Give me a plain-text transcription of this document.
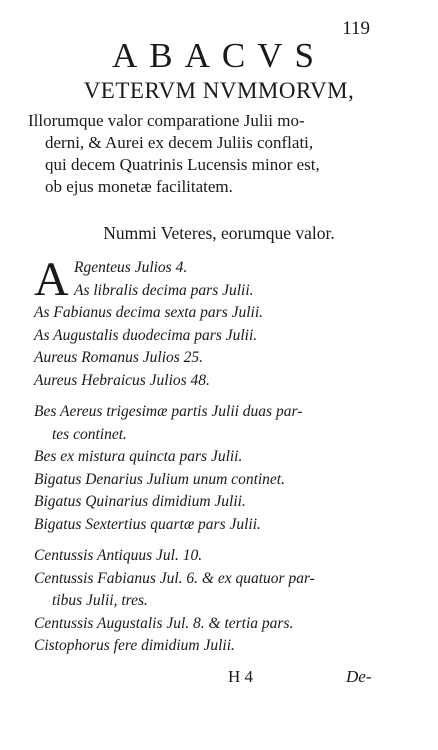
119
ABACVS
VETERVM NVMMORVM,
Illorumque valor comparatione Julii mo-
derni, & Aurei ex decem Juliis conflati,
qui decem Quatrinis Lucensis minor est,
ob ejus monetæ facilitatem.
Nummi Veteres, eorumque valor.
A Rgenteus Julios 4.
As libralis decima pars Julii.
As Fabianus decima sexta pars Julii.
As Augustalis duodecima pars Julii.
Aureus Romanus Julios 25.
Aureus Hebraicus Julios 48.
Bes Aereus trigesimæ partis Julii duas par-
tes continet.
Bes ex mistura quincta pars Julii.
Bigatus Denarius Julium unum continet.
Bigatus Quinarius dimidium Julii.
Bigatus Sextertius quartæ pars Julii.
Centussis Antiquus Jul. 10.
Centussis Fabianus Jul. 6. & ex quatuor par-
tibus Julii, tres.
Centussis Augustalis Jul. 8. & tertia pars.
Cistophorus fere dimidium Julii.
H 4	De-
